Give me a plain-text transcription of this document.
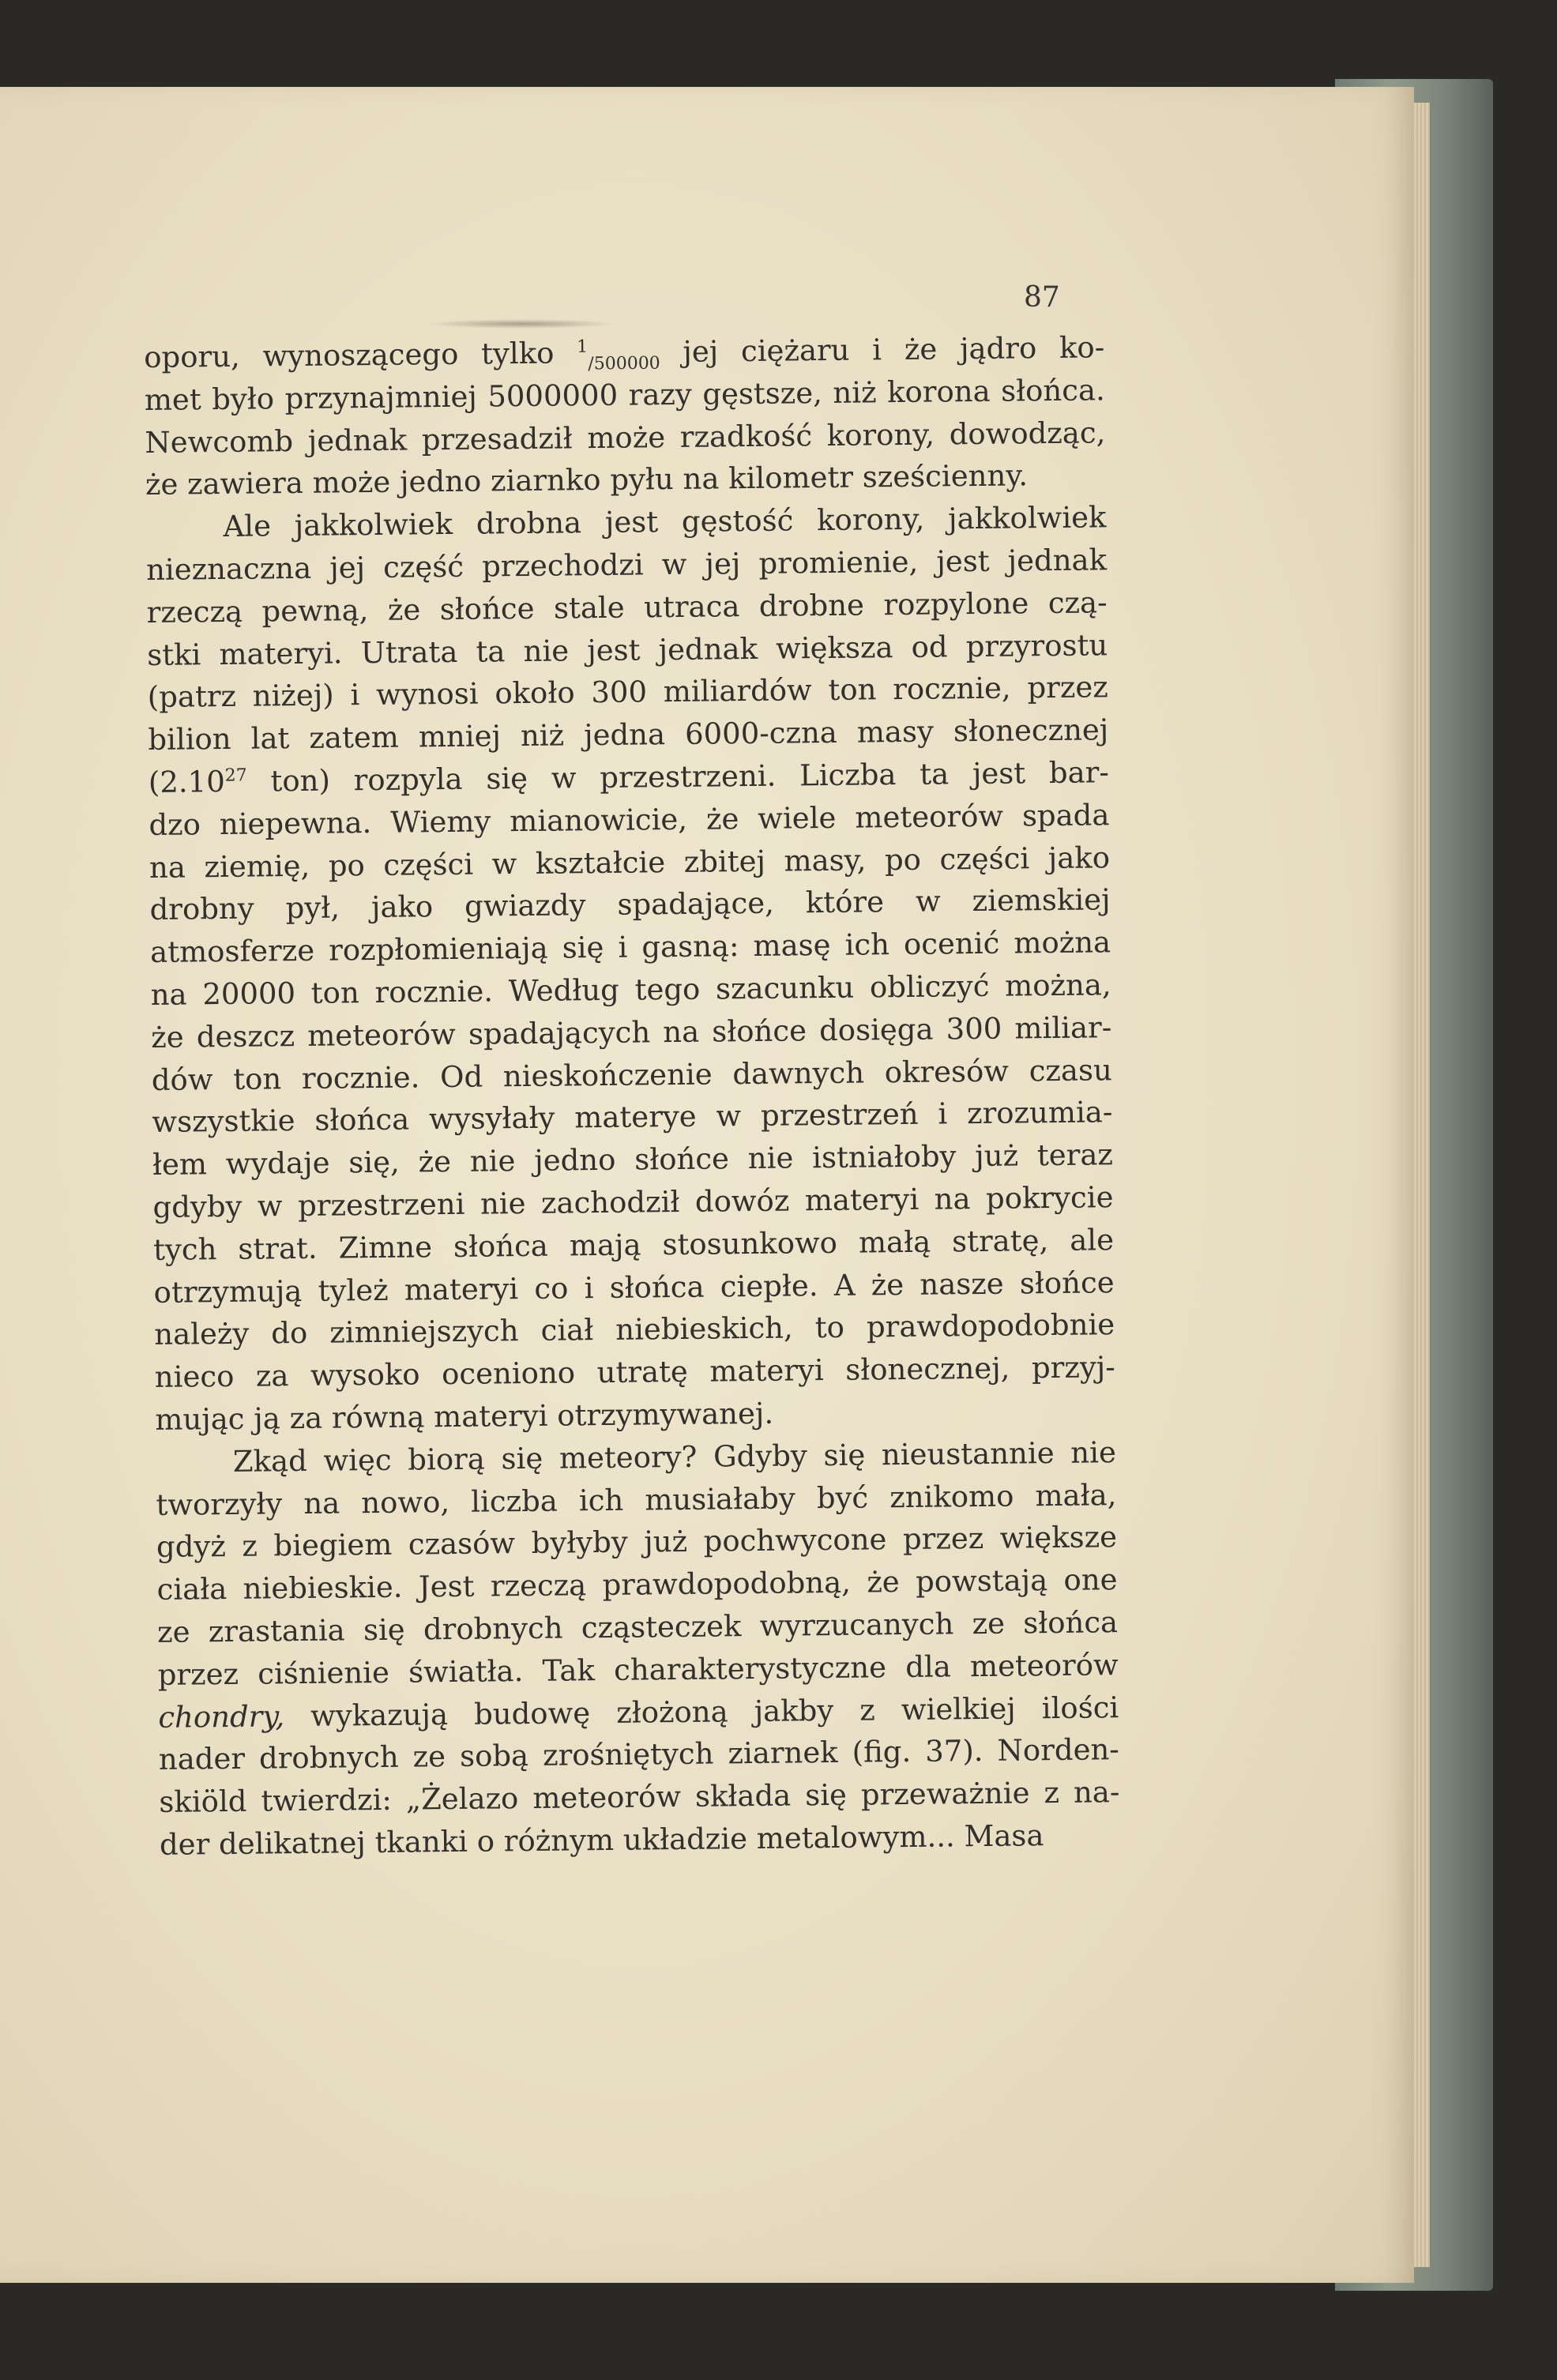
87
oporu, wynoszącego tylko $^1_{/500000}$ jej ciężaru i że jądro ko-
met było przynajmniej 5000000 razy gęstsze, niż korona słońca.
Newcomb jednak przesadził może rzadkość korony, dowodząc,
że zawiera może jedno ziarnko pyłu na kilometr sześcienny.
Ale jakkolwiek drobna jest gęstość korony, jakkolwiek
nieznaczna jej część przechodzi w jej promienie, jest jednak
rzeczą pewną, że słońce stale utraca drobne rozpylone czą-
stki materyi. Utrata ta nie jest jednak większa od przyrostu
(patrz niżej) i wynosi około 300 miliardów ton rocznie, przez
bilion lat zatem mniej niż jedna 6000-czna masy słonecznej
(2.10$^{27}$ ton) rozpyla się w przestrzeni. Liczba ta jest bar-
dzo niepewna. Wiemy mianowicie, że wiele meteorów spada
na ziemię, po części w kształcie zbitej masy, po części jako
drobny pył, jako gwiazdy spadające, które w ziemskiej
atmosferze rozpłomieniają się i gasną: masę ich ocenić można
na 20000 ton rocznie. Według tego szacunku obliczyć można,
że deszcz meteorów spadających na słońce dosięga 300 miliar-
dów ton rocznie. Od nieskończenie dawnych okresów czasu
wszystkie słońca wysyłały materye w przestrzeń i zrozumia-
łem wydaje się, że nie jedno słońce nie istniałoby już teraz
gdyby w przestrzeni nie zachodził dowóz materyi na pokrycie
tych strat. Zimne słońca mają stosunkowo małą stratę, ale
otrzymują tyleż materyi co i słońca ciepłe. A że nasze słońce
należy do zimniejszych ciał niebieskich, to prawdopodobnie
nieco za wysoko oceniono utratę materyi słonecznej, przyj-
mując ją za równą materyi otrzymywanej.
Zkąd więc biorą się meteory? Gdyby się nieustannie nie
tworzyły na nowo, liczba ich musiałaby być znikomo mała,
gdyż z biegiem czasów byłyby już pochwycone przez większe
ciała niebieskie. Jest rzeczą prawdopodobną, że powstają one
ze zrastania się drobnych cząsteczek wyrzucanych ze słońca
przez ciśnienie światła. Tak charakterystyczne dla meteorów
chondry, wykazują budowę złożoną jakby z wielkiej ilości
nader drobnych ze sobą zrośniętych ziarnek (fig. 37). Norden-
skiöld twierdzi: „Żelazo meteorów składa się przeważnie z na-
der delikatnej tkanki o różnym układzie metalowym... Masa
